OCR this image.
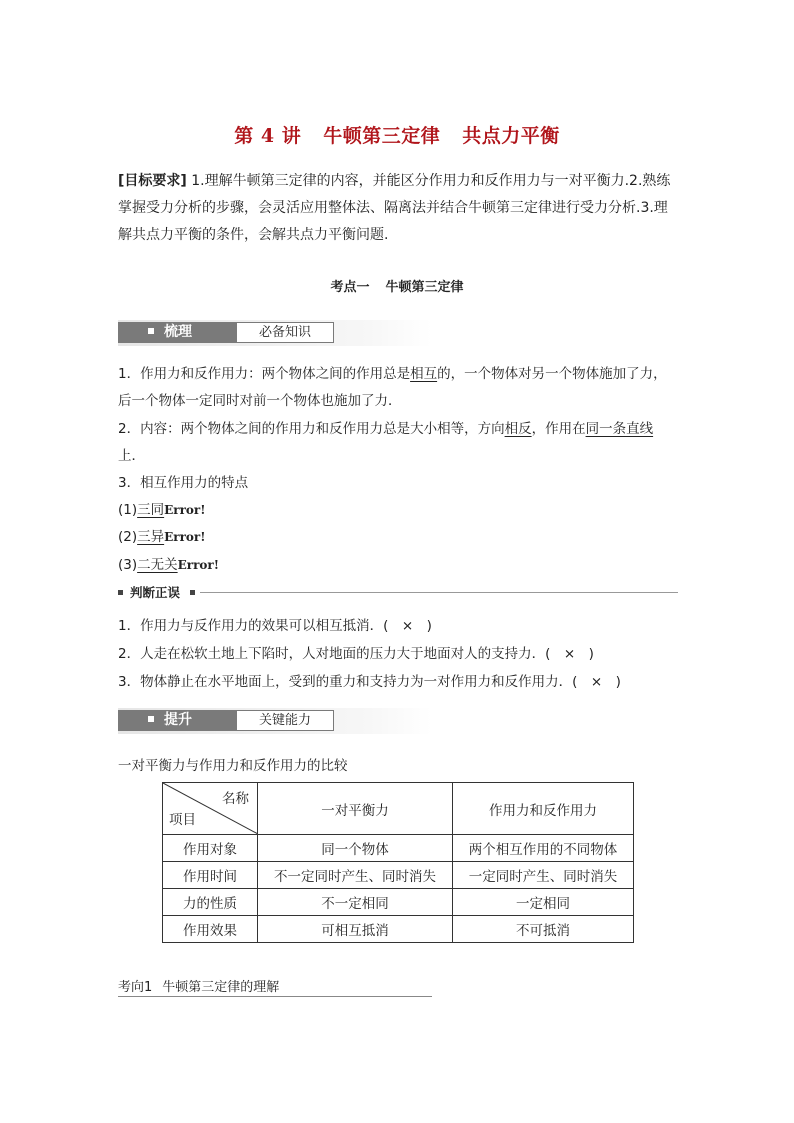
第 4 讲 牛顿第三定律 共点力平衡
[目标要求] 1.理解牛顿第三定律的内容，并能区分作用力和反作用力与一对平衡力.2.熟练掌握受力分析的步骤，会灵活应用整体法、隔离法并结合牛顿第三定律进行受力分析.3.理解共点力平衡的条件，会解共点力平衡问题.
考点一 牛顿第三定律
梳理	必备知识
1．作用力和反作用力：两个物体之间的作用总是相互的，一个物体对另一个物体施加了力，
后一个物体一定同时对前一个物体也施加了力．
2．内容：两个物体之间的作用力和反作用力总是大小相等，方向相反，作用在同一条直线
上．
3．相互作用力的特点
(1)三同Error!
(2)三异Error!
(3)二无关Error!
判断正误
1．作用力与反作用力的效果可以相互抵消．(　×　)
2．人走在松软土地上下陷时，人对地面的压力大于地面对人的支持力．(　×　)
3．物体静止在水平地面上，受到的重力和支持力为一对作用力和反作用力．(　×　)
提升	关键能力
一对平衡力与作用力和反作用力的比较
名称
项目	一对平衡力	作用力和反作用力
作用对象	同一个物体	两个相互作用的不同物体
作用时间	不一定同时产生、同时消失	一定同时产生、同时消失
力的性质	不一定相同	一定相同
作用效果	可相互抵消	不可抵消
考向1 牛顿第三定律的理解
